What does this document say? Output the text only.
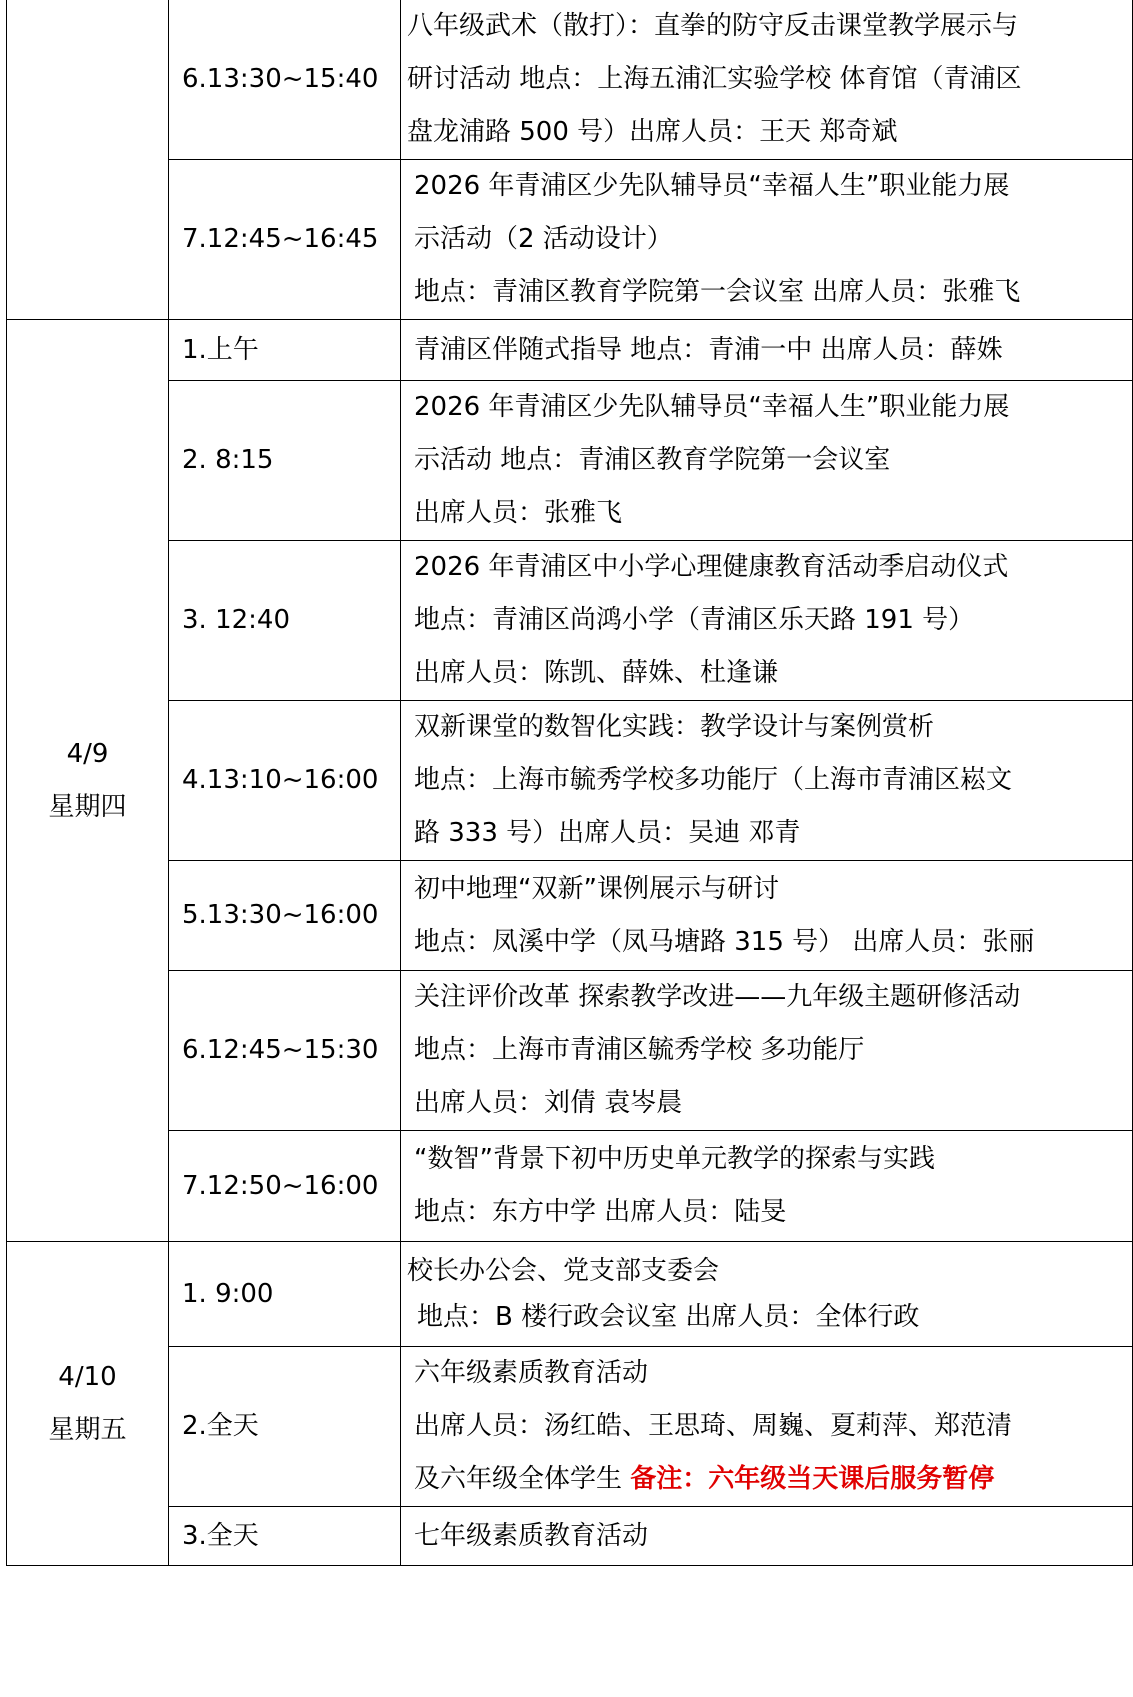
	6.13:30~15:40	八年级武术（散打）：直拳的防守反击课堂教学展示与
研讨活动 地点：上海五浦汇实验学校 体育馆（青浦区
盘龙浦路 500 号）出席人员：王天 郑奇斌

	7.12:45~16:45	2026 年青浦区少先队辅导员“幸福人生”职业能力展
示活动（2 活动设计）
地点：青浦区教育学院第一会议室 出席人员：张雅飞

4/9
星期四	1.上午	青浦区伴随式指导 地点：青浦一中 出席人员：薛姝

	2. 8:15	2026 年青浦区少先队辅导员“幸福人生”职业能力展
示活动 地点：青浦区教育学院第一会议室
出席人员：张雅飞

	3. 12:40	2026 年青浦区中小学心理健康教育活动季启动仪式
地点：青浦区尚鸿小学（青浦区乐天路 191 号）
出席人员：陈凯、薛姝、杜逢谦

	4.13:10~16:00	双新课堂的数智化实践：教学设计与案例赏析
地点：上海市毓秀学校多功能厅（上海市青浦区崧文
路 333 号）出席人员：吴迪 邓青

	5.13:30~16:00	初中地理“双新”课例展示与研讨
地点：凤溪中学（凤马塘路 315 号） 出席人员：张丽

	6.12:45~15:30	关注评价改革 探索教学改进——九年级主题研修活动
地点：上海市青浦区毓秀学校 多功能厅
出席人员：刘倩 袁岑晨

	7.12:50~16:00	“数智”背景下初中历史单元教学的探索与实践
地点：东方中学 出席人员：陆旻

4/10
星期五	1. 9:00	校长办公会、党支部支委会
地点：B 楼行政会议室 出席人员：全体行政

	2.全天	六年级素质教育活动
出席人员：汤红皓、王思琦、周巍、夏莉萍、郑范清
及六年级全体学生 备注：六年级当天课后服务暂停

	3.全天	七年级素质教育活动
